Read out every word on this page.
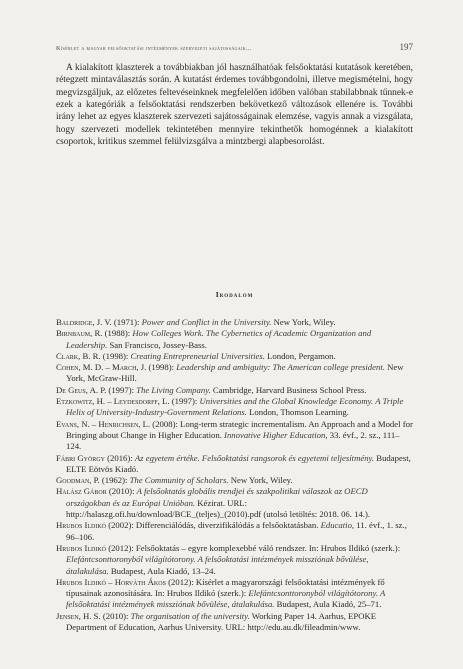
Kísérlet a magyar felsőoktatási intézmények szervezeti sajátosságaik...	197

A kialakított klaszterek a továbbiakban jól használhatóak felsőoktatási kutatások keretében, rétegzett mintaválasztás során. A kutatást érdemes továbbgondolni, illetve megismételni, hogy megvizsgáljuk, az előzetes feltevéseinknek megfelelően időben valóban stabilabbnak tűnnek-e ezek a kategóriák a felsőoktatási rendszerben bekövetkező változások ellenére is. További irány lehet az egyes klaszterek szervezeti sajátosságainak elemzése, vagyis annak a vizsgálata, hogy szervezeti modellek tekintetében mennyire tekinthetők homogénnek a kialakított csoportok, kritikus szemmel felülvizsgálva a mintzbergi alapbesorolást.

Irodalom
Baldridge, J. V. (1971): Power and Conflict in the University. New York, Wiley.
Birnbaum, R. (1988): How Colleges Work. The Cybernetics of Academic Organization and Leadership. San Francisco, Jossey-Bass.
Clark, B. R. (1998): Creating Entrepreneurial Universities. London, Pergamon.
Cohen, M. D. – March, J. (1998): Leadership and ambiguity: The American college president. New York, McGraw-Hill.
De Geus, A. P. (1997): The Living Company. Cambridge, Harvard Business School Press.
Etzkowitz, H. – Leydesdorff, L. (1997): Universities and the Global Knowledge Economy. A Triple Helix of University-Industry-Government Relations. London, Thomson Learning.
Evans, N. – Henrichsen, L. (2008): Long-term strategic incrementalism. An Approach and a Model for Bringing about Change in Higher Education. Innovative Higher Education, 33. évf., 2. sz., 111–124.
Fábri György (2016): Az egyetem értéke. Felsőoktatási rangsorok és egyetemi teljesítmény. Budapest, ELTE Eötvös Kiadó.
Goodman, P. (1962): The Community of Scholars. New York, Wiley.
Halász Gábor (2010): A felsőoktatás globális trendjei és szakpolitikai válaszok az OECD országokban és az Európai Unióban. Kézirat. URL: http://halaszg.ofi.hu/download/BCE_(teljes)_(2010).pdf (utolsó letöltés: 2018. 06. 14.).
Hrubos Ildikó (2002): Differenciálódás, diverzifikálódás a felsőoktatásban. Educatio, 11. évf., 1. sz., 96–106.
Hrubos Ildikó (2012): Felsőoktatás – egyre komplexebbé váló rendszer. In: Hrubos Ildikó (szerk.): Elefántcsonttoronyból világítótorony. A felsőoktatási intézmények missziónak bővülése, átalakulása. Budapest, Aula Kiadó, 13–24.
Hrubos Ildikó – Horváth Ákos (2012): Kísérlet a magyarországi felsőoktatási intézmények fő típusainak azonosítására. In: Hrubos Ildikó (szerk.): Elefántcsonttoronyból világítótorony. A felsőoktatási intézmények missziónak bővülése, átalakulása. Budapest, Aula Kiadó, 25–71.
Jensen, H. S. (2010): The organisation of the university. Working Paper 14. Aarhus, EPOKE Department of Education, Aarhus University. URL: http://edu.au.dk/fileadmin/www.
